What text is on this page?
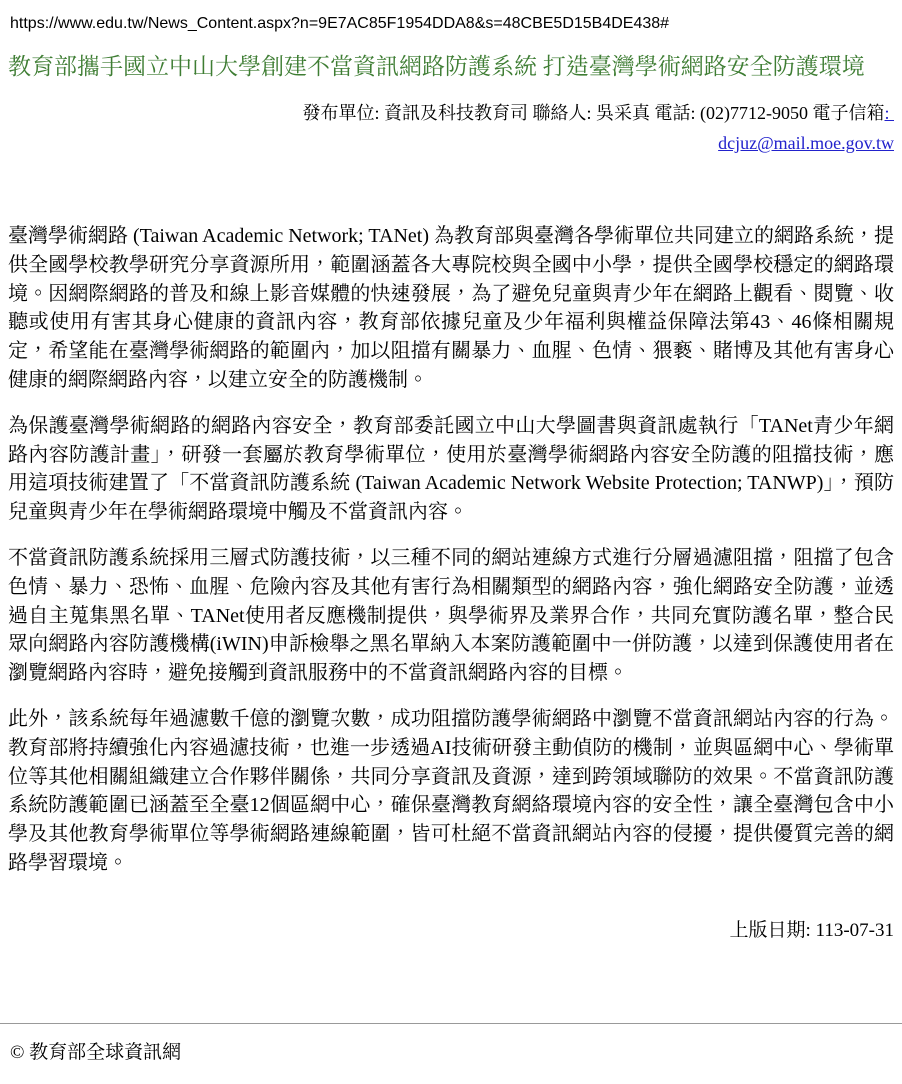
https://www.edu.tw/News_Content.aspx?n=9E7AC85F1954DDA8&s=48CBE5D15B4DE438#
教育部攜手國立中山大學創建不當資訊網路防護系統 打造臺灣學術網路安全防護環境
發布單位: 資訊及科技教育司 聯絡人: 吳采真 電話: (02)7712-9050 電子信箱:
dcjuz@mail.moe.gov.tw

臺灣學術網路 (Taiwan Academic Network; TANet) 為教育部與臺灣各學術單位共同建立的網路系統，提供全國學校教學研究分享資源所用，範圍涵蓋各大專院校與全國中小學，提供全國學校穩定的網路環境。因網際網路的普及和線上影音媒體的快速發展，為了避免兒童與青少年在網路上觀看、閱覽、收聽或使用有害其身心健康的資訊內容，教育部依據兒童及少年福利與權益保障法第43、46條相關規定，希望能在臺灣學術網路的範圍內，加以阻擋有關暴力、血腥、色情、猥褻、賭博及其他有害身心健康的網際網路內容，以建立安全的防護機制。

為保護臺灣學術網路的網路內容安全，教育部委託國立中山大學圖書與資訊處執行「TANet青少年網路內容防護計畫」，研發一套屬於教育學術單位，使用於臺灣學術網路內容安全防護的阻擋技術，應用這項技術建置了「不當資訊防護系統 (Taiwan Academic Network Website Protection; TANWP)」，預防兒童與青少年在學術網路環境中觸及不當資訊內容。

不當資訊防護系統採用三層式防護技術，以三種不同的網站連線方式進行分層過濾阻擋，阻擋了包含色情、暴力、恐怖、血腥、危險內容及其他有害行為相關類型的網路內容，強化網路安全防護，並透過自主蒐集黑名單、TANet使用者反應機制提供，與學術界及業界合作，共同充實防護名單，整合民眾向網路內容防護機構(iWIN)申訴檢舉之黑名單納入本案防護範圍中一併防護，以達到保護使用者在瀏覽網路內容時，避免接觸到資訊服務中的不當資訊網路內容的目標。

此外，該系統每年過濾數千億的瀏覽次數，成功阻擋防護學術網路中瀏覽不當資訊網站內容的行為。教育部將持續強化內容過濾技術，也進一步透過AI技術研發主動偵防的機制，並與區網中心、學術單位等其他相關組織建立合作夥伴關係，共同分享資訊及資源，達到跨領域聯防的效果。不當資訊防護系統防護範圍已涵蓋至全臺12個區網中心，確保臺灣教育網絡環境內容的安全性，讓全臺灣包含中小學及其他教育學術單位等學術網路連線範圍，皆可杜絕不當資訊網站內容的侵擾，提供優質完善的網路學習環境。

上版日期: 113-07-31
© 教育部全球資訊網
